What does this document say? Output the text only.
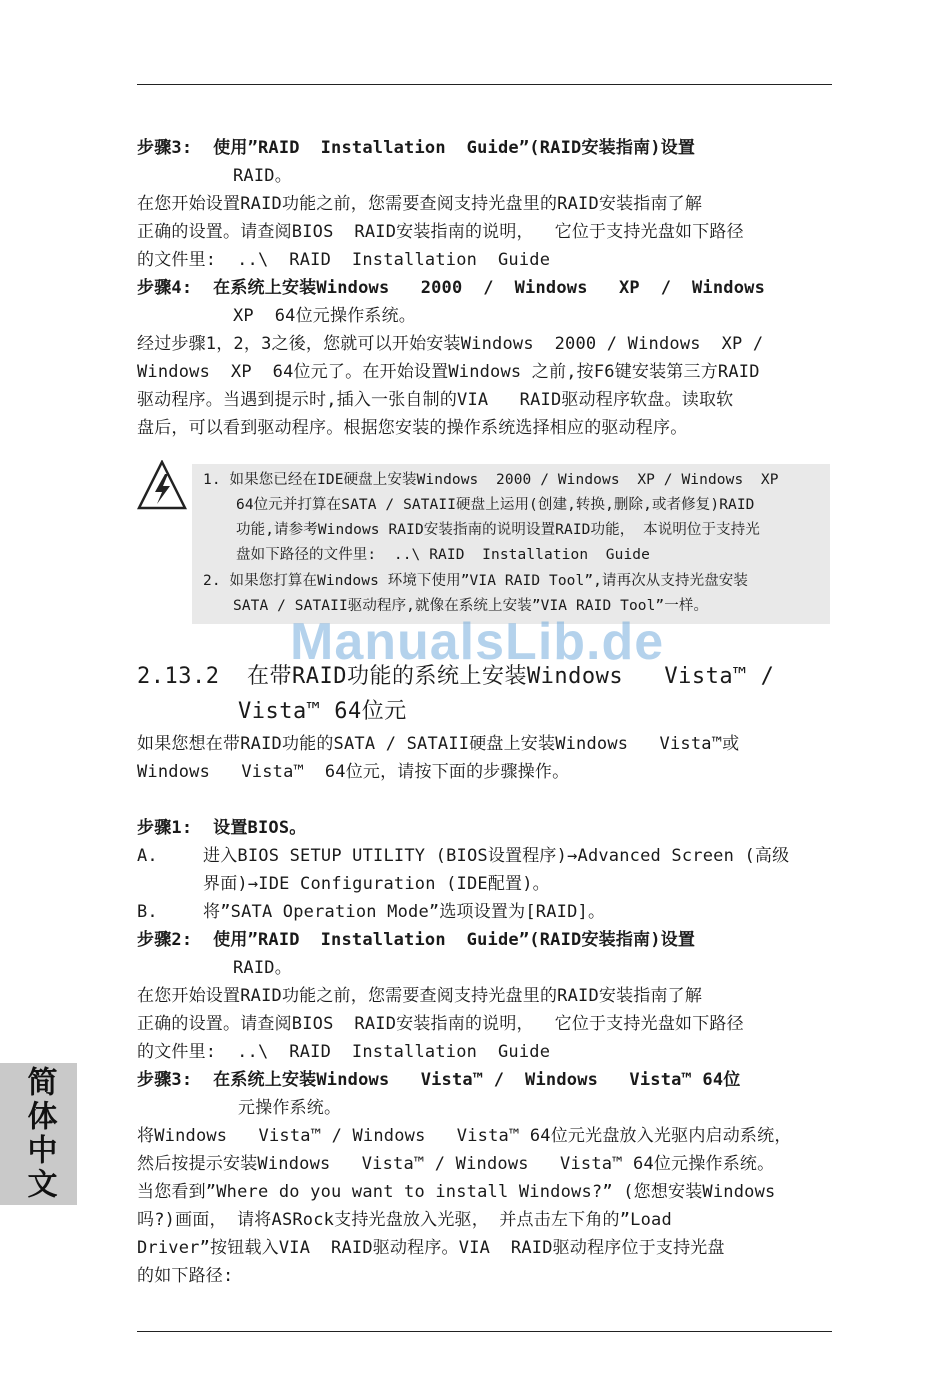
步骤3:  使用”RAID  Installation  Guide”(RAID安装指南)设置
RAID。
在您开始设置RAID功能之前，您需要查阅支持光盘里的RAID安装指南了解
正确的设置。请查阅BIOS  RAID安装指南的说明，  它位于支持光盘如下路径
的文件里:  ..\  RAID  Installation  Guide
步骤4:  在系统上安装Windows   2000  /  Windows   XP  /  Windows
XP  64位元操作系统。
经过步骤1，2，3之後，您就可以开始安装Windows  2000 / Windows  XP /
Windows  XP  64位元了。在开始设置Windows 之前,按F6键安装第三方RAID
驱动程序。当遇到提示时,插入一张自制的VIA   RAID驱动程序软盘。读取软
盘后，可以看到驱动程序。根据您安装的操作系统选择相应的驱动程序。
1. 如果您已经在IDE硬盘上安装Windows  2000 / Windows  XP / Windows  XP
64位元并打算在SATA / SATAII硬盘上运用(创建,转换,删除,或者修复)RAID
功能,请参考Windows RAID安装指南的说明设置RAID功能， 本说明位于支持光
盘如下路径的文件里:  ..\ RAID  Installation  Guide
2. 如果您打算在Windows 环境下使用”VIA RAID Tool”,请再次从支持光盘安装
SATA / SATAII驱动程序,就像在系统上安装”VIA RAID Tool”一样。
ManualsLib.de
2.13.2  在带RAID功能的系统上安装Windows   Vista™ /
Vista™ 64位元
如果您想在带RAID功能的SATA / SATAII硬盘上安装Windows   Vista™或
Windows   Vista™  64位元，请按下面的步骤操作。
步骤1:  设置BIOS。
A.	进入BIOS SETUP UTILITY (BIOS设置程序)→Advanced Screen (高级
界面)→IDE Configuration (IDE配置)。
B.	将”SATA Operation Mode”选项设置为[RAID]。
步骤2:  使用”RAID  Installation  Guide”(RAID安装指南)设置
RAID。
在您开始设置RAID功能之前，您需要查阅支持光盘里的RAID安装指南了解
正确的设置。请查阅BIOS  RAID安装指南的说明，  它位于支持光盘如下路径
的文件里:  ..\  RAID  Installation  Guide
步骤3:  在系统上安装Windows   Vista™ /  Windows   Vista™ 64位
元操作系统。
将Windows   Vista™ / Windows   Vista™ 64位元光盘放入光驱内启动系统，
然后按提示安装Windows   Vista™ / Windows   Vista™ 64位元操作系统。
当您看到”Where do you want to install Windows?” (您想安装Windows
吗?)画面， 请将ASRock支持光盘放入光驱， 并点击左下角的”Load
Driver”按钮载入VIA  RAID驱动程序。VIA  RAID驱动程序位于支持光盘
的如下路径:
简体中文
